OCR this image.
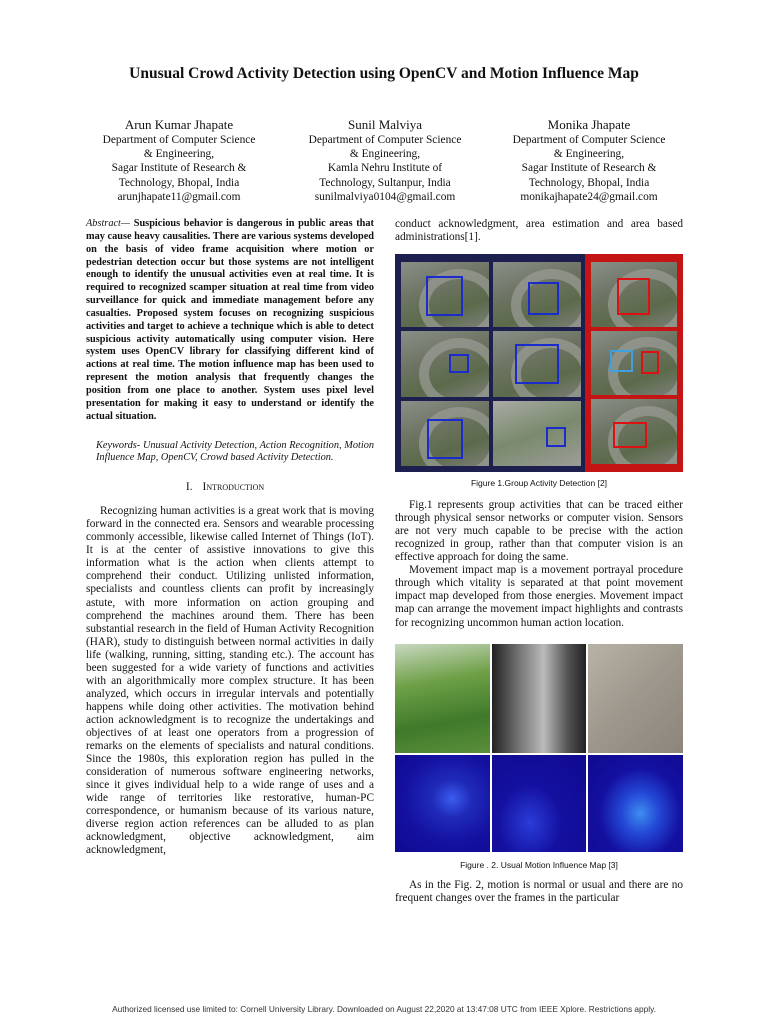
Unusual Crowd Activity Detection using OpenCV and Motion Influence Map
Arun Kumar Jhapate
Department of Computer Science
& Engineering,
Sagar Institute of Research &
Technology, Bhopal, India
arunjhapate11@gmail.com
Sunil Malviya
Department of Computer Science
& Engineering,
Kamla Nehru Institute of
Technology, Sultanpur, India
sunilmalviya0104@gmail.com
Monika Jhapate
Department of Computer Science
& Engineering,
Sagar Institute of Research &
Technology, Bhopal, India
monikajhapate24@gmail.com
Abstract— Suspicious behavior is dangerous in public areas that may cause heavy causalities. There are various systems developed on the basis of video frame acquisition where motion or pedestrian detection occur but those systems are not intelligent enough to identify the unusual activities even at real time. It is required to recognized scamper situation at real time from video surveillance for quick and immediate management before any casualties. Proposed system focuses on recognizing suspicious activities and target to achieve a technique which is able to detect suspicious activity automatically using computer vision. Here system uses OpenCV library for classifying different kind of actions at real time. The motion influence map has been used to represent the motion analysis that frequently changes the position from one place to another. System uses pixel level presentation for making it easy to understand or identify the actual situation.
Keywords- Unusual Activity Detection, Action Recognition, Motion Influence Map, OpenCV, Crowd based Activity Detection.
I. Introduction

Recognizing human activities is a great work that is moving forward in the connected era. Sensors and wearable processing commonly accessible, likewise called Internet of Things (IoT). It is at the center of assistive innovations to give this information what is the action when clients attempt to comprehend their conduct. Utilizing unlisted information, specialists and countless clients can profit by increasingly astute, with more information on action grouping and comprehend the machines around them. There has been substantial research in the field of Human Activity Recognition (HAR), study to distinguish between normal activities in daily life (walking, running, sitting, standing etc.). The account has been suggested for a wide variety of functions and activities with an algorithmically more complex structure. It has been analyzed, which occurs in irregular intervals and potentially happens while doing other activities. The motivation behind action acknowledgment is to recognize the undertakings and objectives of at least one operators from a progression of remarks on the elements of specialists and natural conditions. Since the 1980s, this exploration region has pulled in the consideration of numerous software engineering networks, since it gives individual help to a wide range of uses and a wide range of territories like restorative, human-PC correspondence, or humanism because of its various nature, diverse region action references can be alluded to as plan acknowledgment, objective acknowledgment, aim acknowledgment,

conduct acknowledgment, area estimation and area based administrations[1].
Figure 1.Group Activity Detection [2]

Fig.1 represents group activities that can be traced either through physical sensor networks or computer vision. Sensors are not very much capable to be precise with the action recognized in group, rather than that computer vision is an effective approach for doing the same.

Movement impact map is a movement portrayal procedure through which vitality is separated at that point movement impact map developed from those energies. Movement impact map can arrange the movement impact highlights and contrasts for recognizing uncommon human action location.

Figure . 2. Usual Motion Influence Map [3]

As in the Fig. 2, motion is normal or usual and there are no frequent changes over the frames in the particular

Authorized licensed use limited to: Cornell University Library. Downloaded on August 22,2020 at 13:47:08 UTC from IEEE Xplore. Restrictions apply.
